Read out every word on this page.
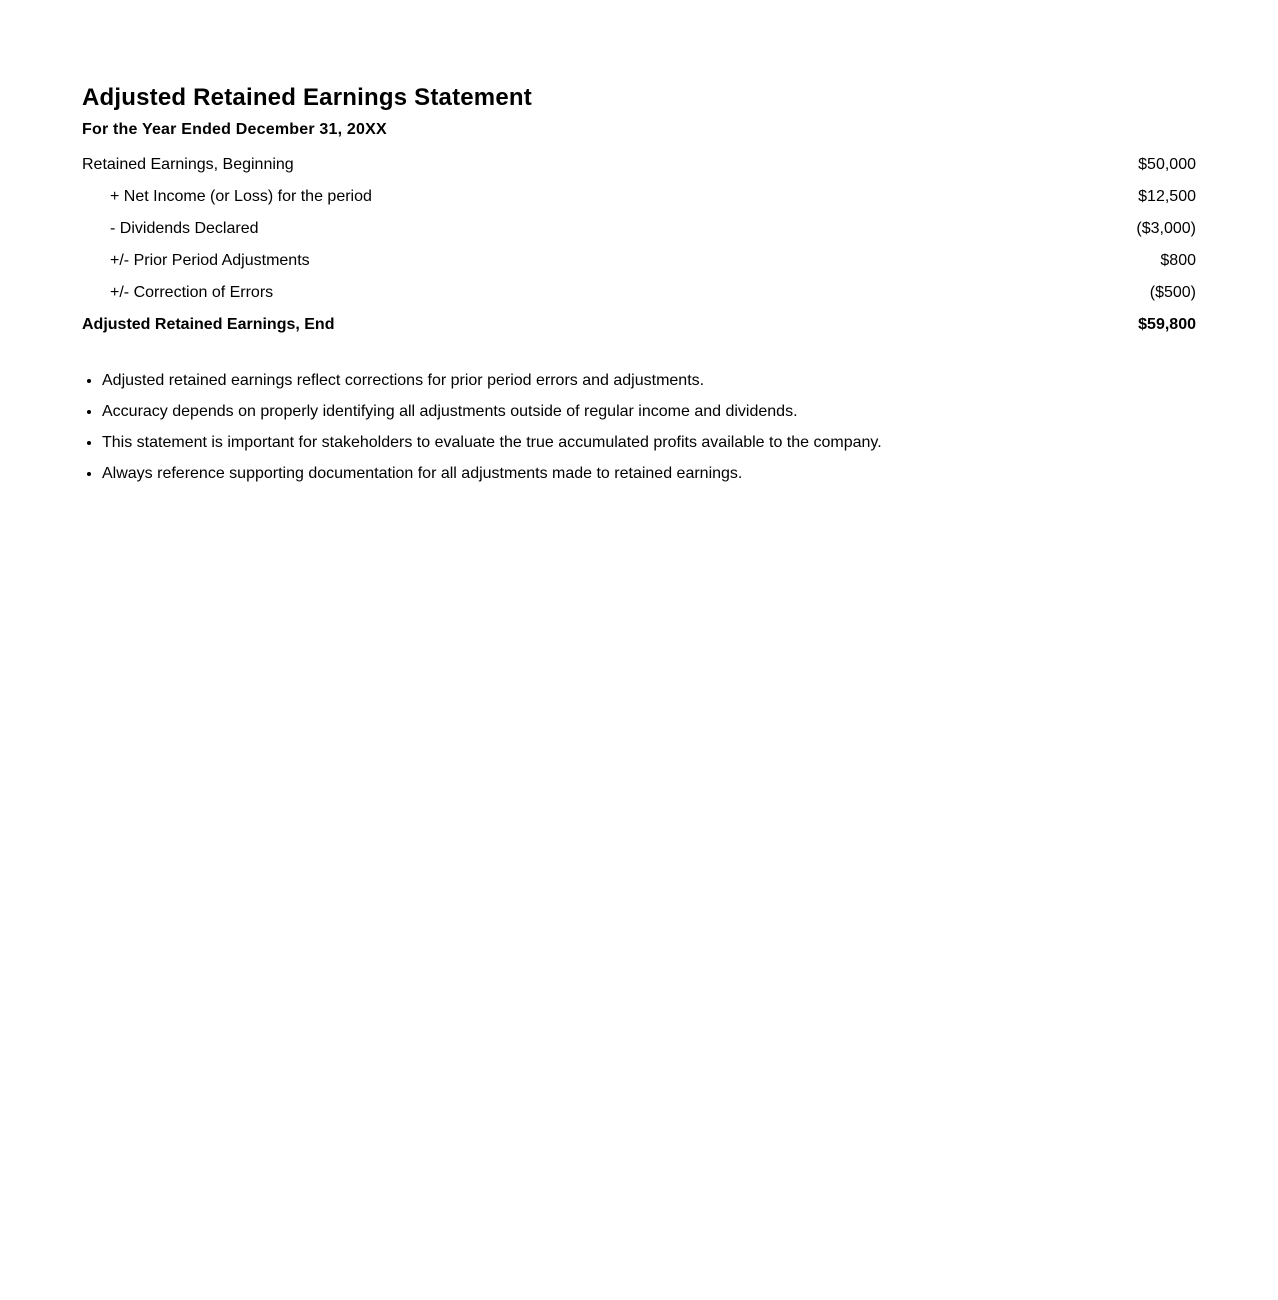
Adjusted Retained Earnings Statement
For the Year Ended December 31, 20XX
Retained Earnings, Beginning	$50,000
+ Net Income (or Loss) for the period	$12,500
- Dividends Declared	($3,000)
+/- Prior Period Adjustments	$800
+/- Correction of Errors	($500)
Adjusted Retained Earnings, End	$59,800
• Adjusted retained earnings reflect corrections for prior period errors and adjustments.
• Accuracy depends on properly identifying all adjustments outside of regular income and dividends.
• This statement is important for stakeholders to evaluate the true accumulated profits available to the company.
• Always reference supporting documentation for all adjustments made to retained earnings.
